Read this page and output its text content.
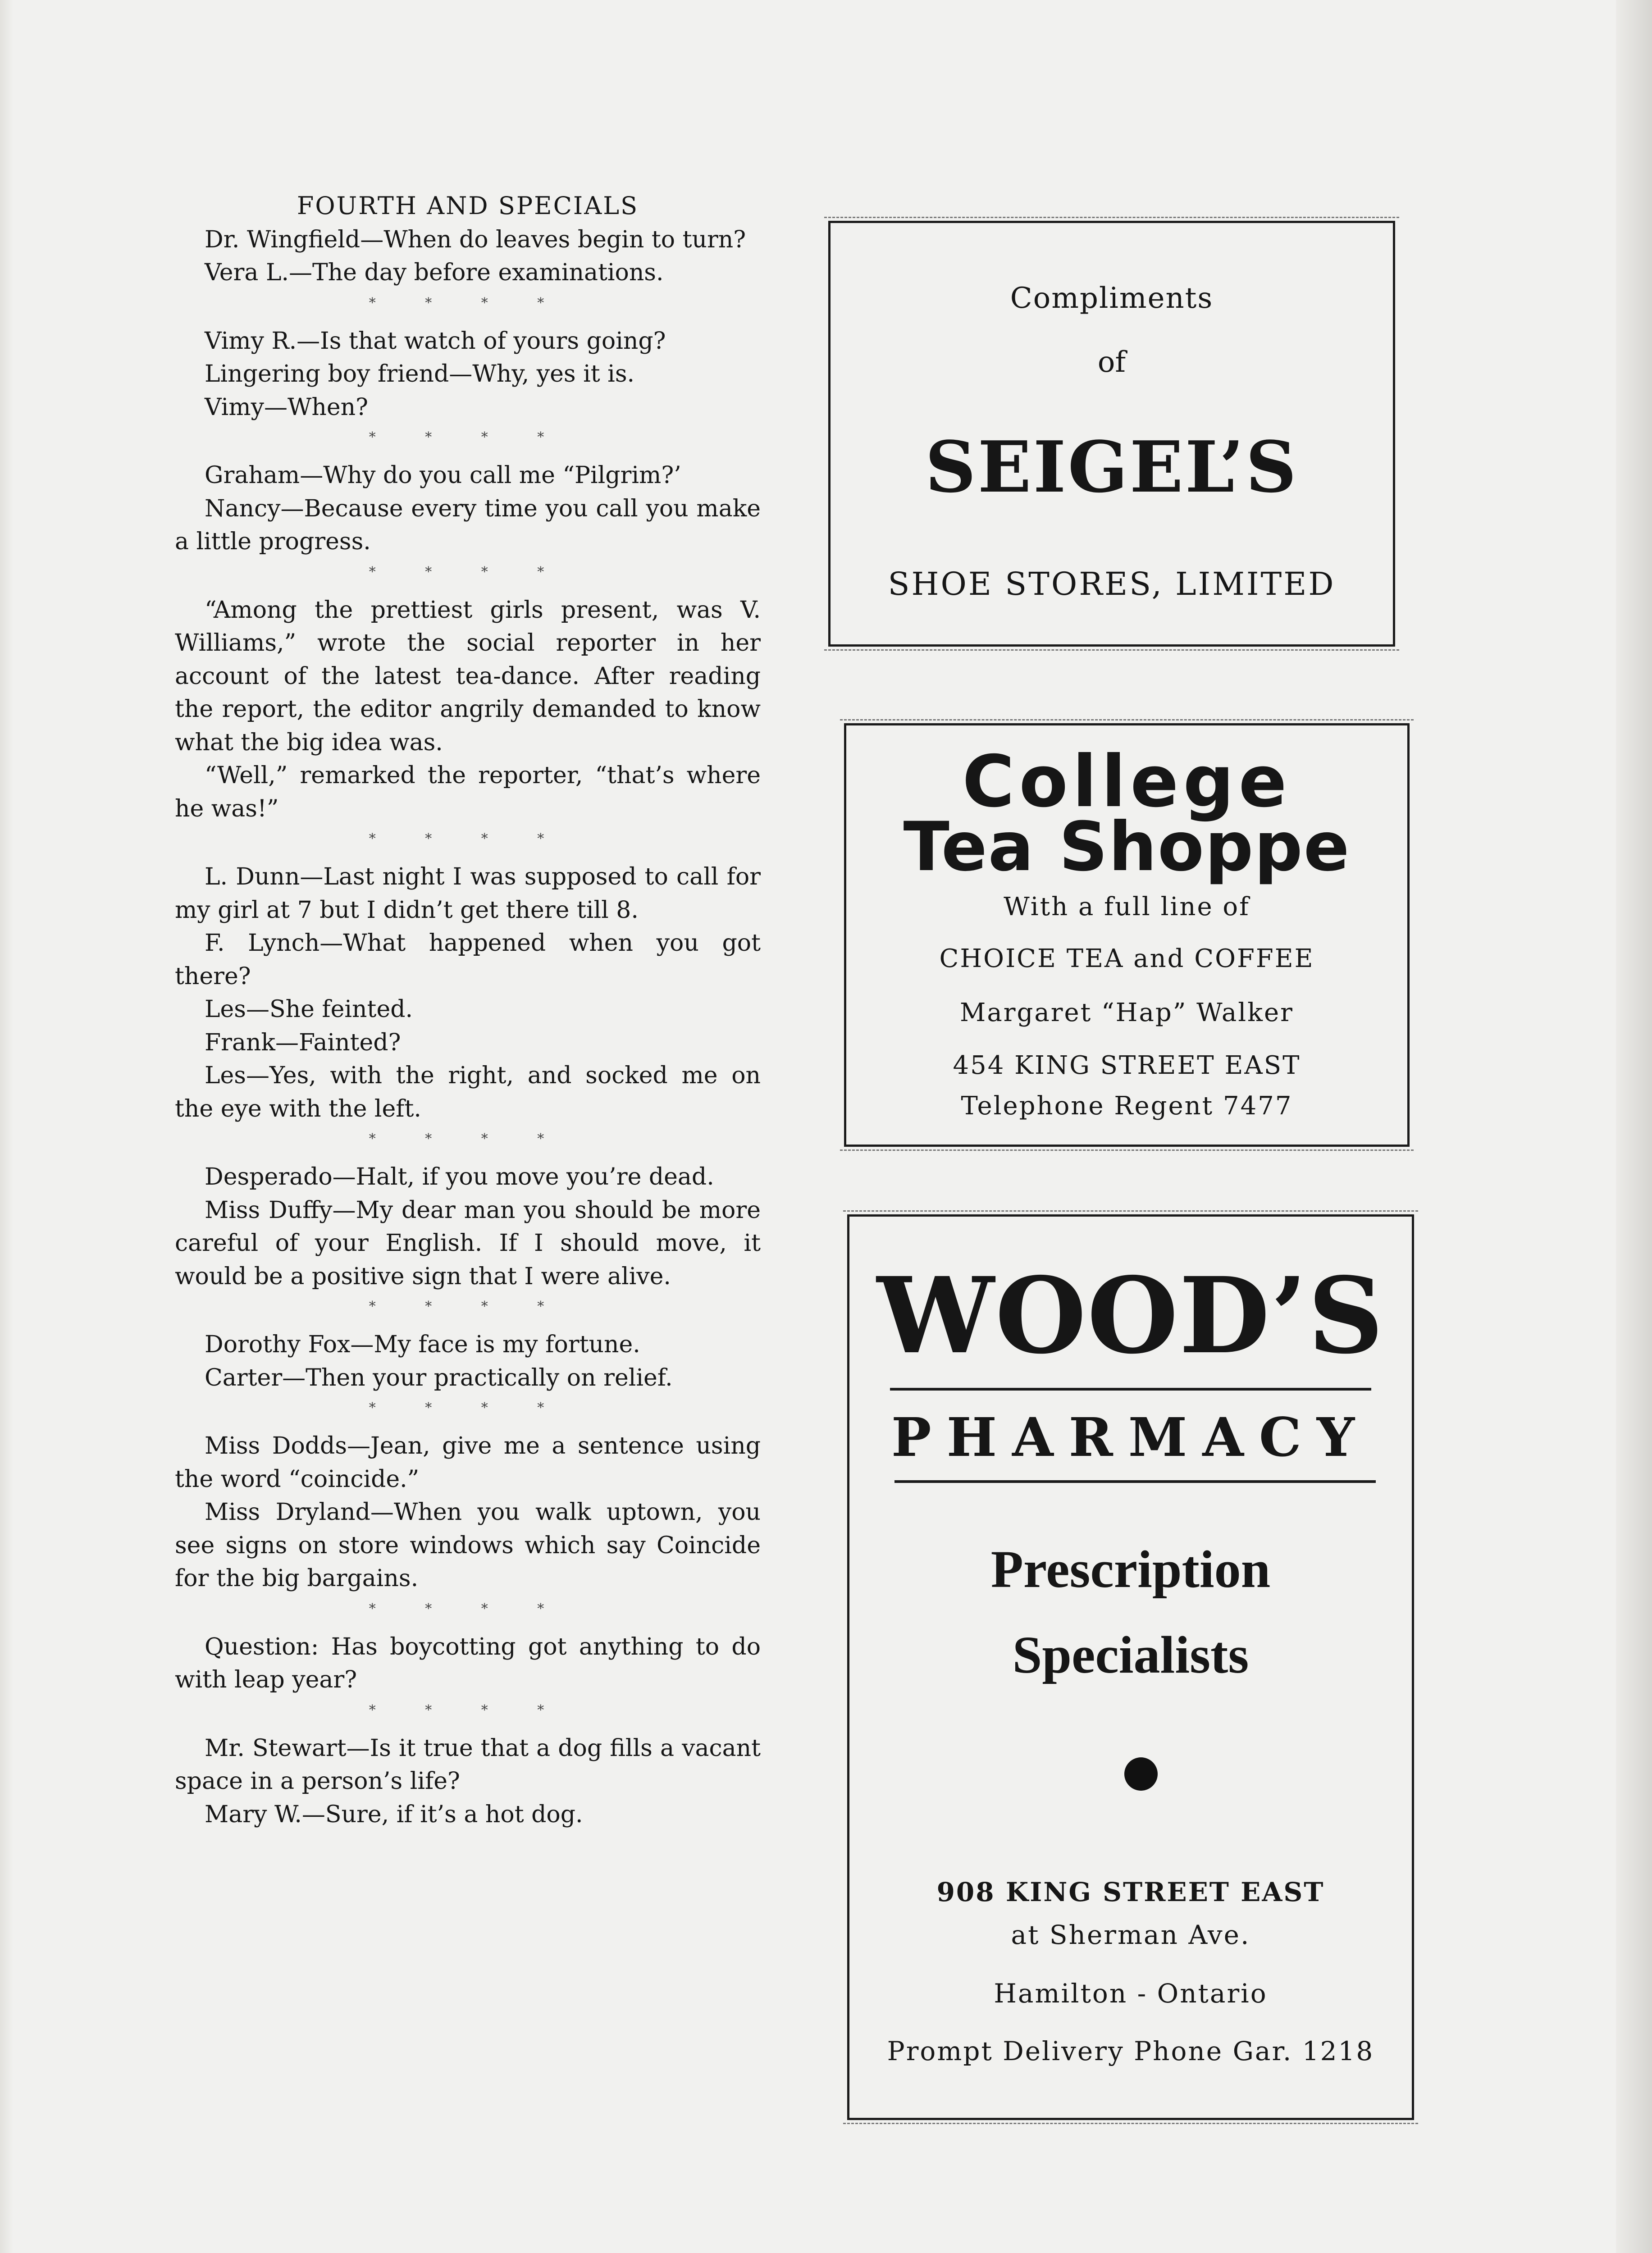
FOURTH AND SPECIALS

Dr. Wingfield—When do leaves begin to turn?

Vera L.—The day before examinations.

* * * *

Vimy R.—Is that watch of yours going?

Lingering boy friend—Why, yes it is.

Vimy—When?

* * * *

Graham—Why do you call me “Pilgrim?’

Nancy—Because every time you call you make a little progress.

* * * *

“Among the prettiest girls present, was V. Williams,” wrote the social reporter in her account of the latest tea-dance. After reading the report, the editor angrily demanded to know what the big idea was.

“Well,” remarked the reporter, “that’s where he was!”

* * * *

L. Dunn—Last night I was supposed to call for my girl at 7 but I didn’t get there till 8.

F. Lynch—What happened when you got there?

Les—She feinted.

Frank—Fainted?

Les—Yes, with the right, and socked me on the eye with the left.

* * * *

Desperado—Halt, if you move you’re dead.

Miss Duffy—My dear man you should be more careful of your English. If I should move, it would be a positive sign that I were alive.

* * * *

Dorothy Fox—My face is my fortune.

Carter—Then your practically on relief.

* * * *

Miss Dodds—Jean, give me a sentence using the word “coincide.”

Miss Dryland—When you walk uptown, you see signs on store windows which say Coincide for the big bargains.

* * * *

Question: Has boycotting got anything to do with leap year?

* * * *

Mr. Stewart—Is it true that a dog fills a vacant space in a person’s life?

Mary W.—Sure, if it’s a hot dog.

Compliments
of
SEIGEL’S
SHOE STORES, LIMITED
College
Tea Shoppe
With a full line of
CHOICE TEA and COFFEE
Margaret “Hap” Walker
454 KING STREET EAST
Telephone Regent 7477
WOOD’S
PHARMACY
Prescription
Specialists
908 KING STREET EAST
at Sherman Ave.
Hamilton - Ontario
Prompt Delivery Phone Gar. 1218
